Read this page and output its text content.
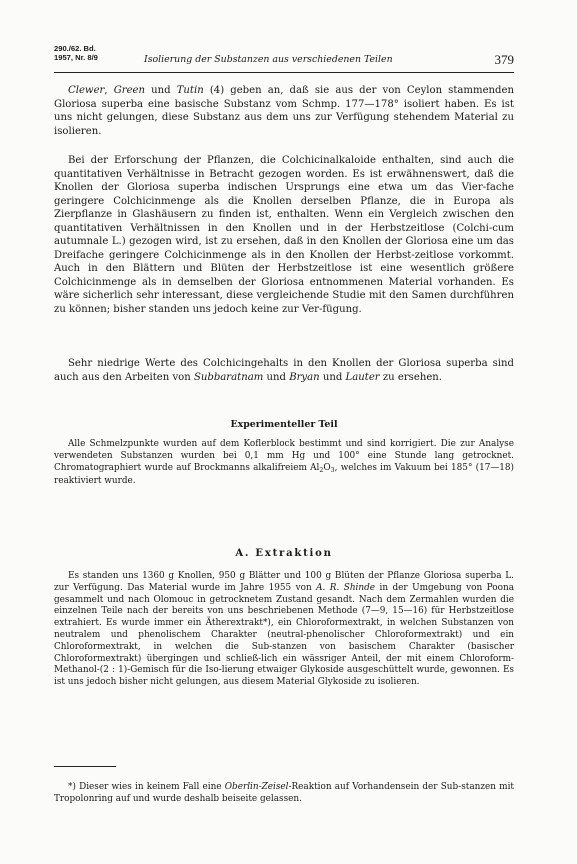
290./62. Bd.
1957, Nr. 8/9	Isolierung der Substanzen aus verschiedenen Teilen	379

Clewer, Green und Tutin (4) geben an, daß sie aus der von Ceylon stammenden Gloriosa superba eine basische Substanz vom Schmp. 177—178° isoliert haben. Es ist uns nicht gelungen, diese Substanz aus dem uns zur Verfügung stehendem Material zu isolieren.

Bei der Erforschung der Pflanzen, die Colchicinalkaloide enthalten, sind auch die quantitativen Verhältnisse in Betracht gezogen worden. Es ist erwähnenswert, daß die Knollen der Gloriosa superba indischen Ursprungs eine etwa um das Vier-fache geringere Colchicinmenge als die Knollen derselben Pflanze, die in Europa als Zierpflanze in Glashäusern zu finden ist, enthalten. Wenn ein Vergleich zwischen den quantitativen Verhältnissen in den Knollen und in der Herbstzeitlose (Colchi-cum autumnale L.) gezogen wird, ist zu ersehen, daß in den Knollen der Gloriosa eine um das Dreifache geringere Colchicinmenge als in den Knollen der Herbst-zeitlose vorkommt. Auch in den Blättern und Blüten der Herbstzeitlose ist eine wesentlich größere Colchicinmenge als in demselben der Gloriosa entnommenen Material vorhanden. Es wäre sicherlich sehr interessant, diese vergleichende Studie mit den Samen durchführen zu können; bisher standen uns jedoch keine zur Ver-fügung.

Sehr niedrige Werte des Colchicingehalts in den Knollen der Gloriosa superba sind auch aus den Arbeiten von Subbaratnam und Bryan und Lauter zu ersehen.

Experimenteller Teil

Alle Schmelzpunkte wurden auf dem Koflerblock bestimmt und sind korrigiert. Die zur Analyse verwendeten Substanzen wurden bei 0,1 mm Hg und 100° eine Stunde lang getrocknet. Chromatographiert wurde auf Brockmanns alkalifreiem $Al_2O_3$, welches im Vakuum bei 185° (17—18) reaktiviert wurde.

A. Extraktion

Es standen uns 1360 g Knollen, 950 g Blätter und 100 g Blüten der Pflanze Gloriosa superba L. zur Verfügung. Das Material wurde im Jahre 1955 von A. R. Shinde in der Umgebung von Poona gesammelt und nach Olomouc in getrocknetem Zustand gesandt. Nach dem Zermahlen wurden die einzelnen Teile nach der bereits von uns beschriebenen Methode (7—9, 15—16) für Herbstzeitlose extrahiert. Es wurde immer ein Ätherextrakt*), ein Chloroformextrakt, in welchen Substanzen von neutralem und phenolischem Charakter (neutral-phenolischer Chloroformextrakt) und ein Chloroformextrakt, in welchen die Sub-stanzen von basischem Charakter (basischer Chloroformextrakt) übergingen und schließ-lich ein wässriger Anteil, der mit einem Chloroform-Methanol-(2 : 1)-Gemisch für die Iso-lierung etwaiger Glykoside ausgeschüttelt wurde, gewonnen. Es ist uns jedoch bisher nicht gelungen, aus diesem Material Glykoside zu isolieren.

*) Dieser wies in keinem Fall eine Oberlin-Zeisel-Reaktion auf Vorhandensein der Sub-stanzen mit Tropolonring auf und wurde deshalb beiseite gelassen.
